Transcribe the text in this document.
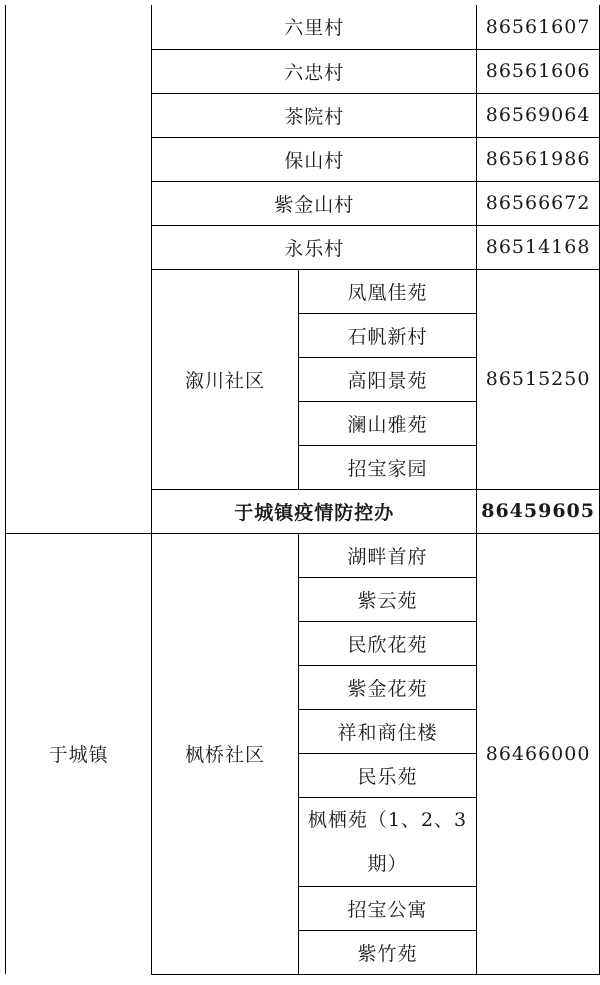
	六里村		86561607
	六忠村		86561606
	茶院村		86569064
	保山村		86561986
	紫金山村		86566672
	永乐村		86514168
	溆川社区	凤凰佳苑	86515250
		石帆新村	
		高阳景苑	
		澜山雅苑	
		招宝家园	
	于城镇疫情防控办		86459605
于城镇	枫桥社区	湖畔首府	86466000
		紫云苑	
		民欣花苑	
		紫金花苑	
		祥和商住楼	
		民乐苑	
		枫栖苑（1、2、3期）	
		招宝公寓	
		紫竹苑	
